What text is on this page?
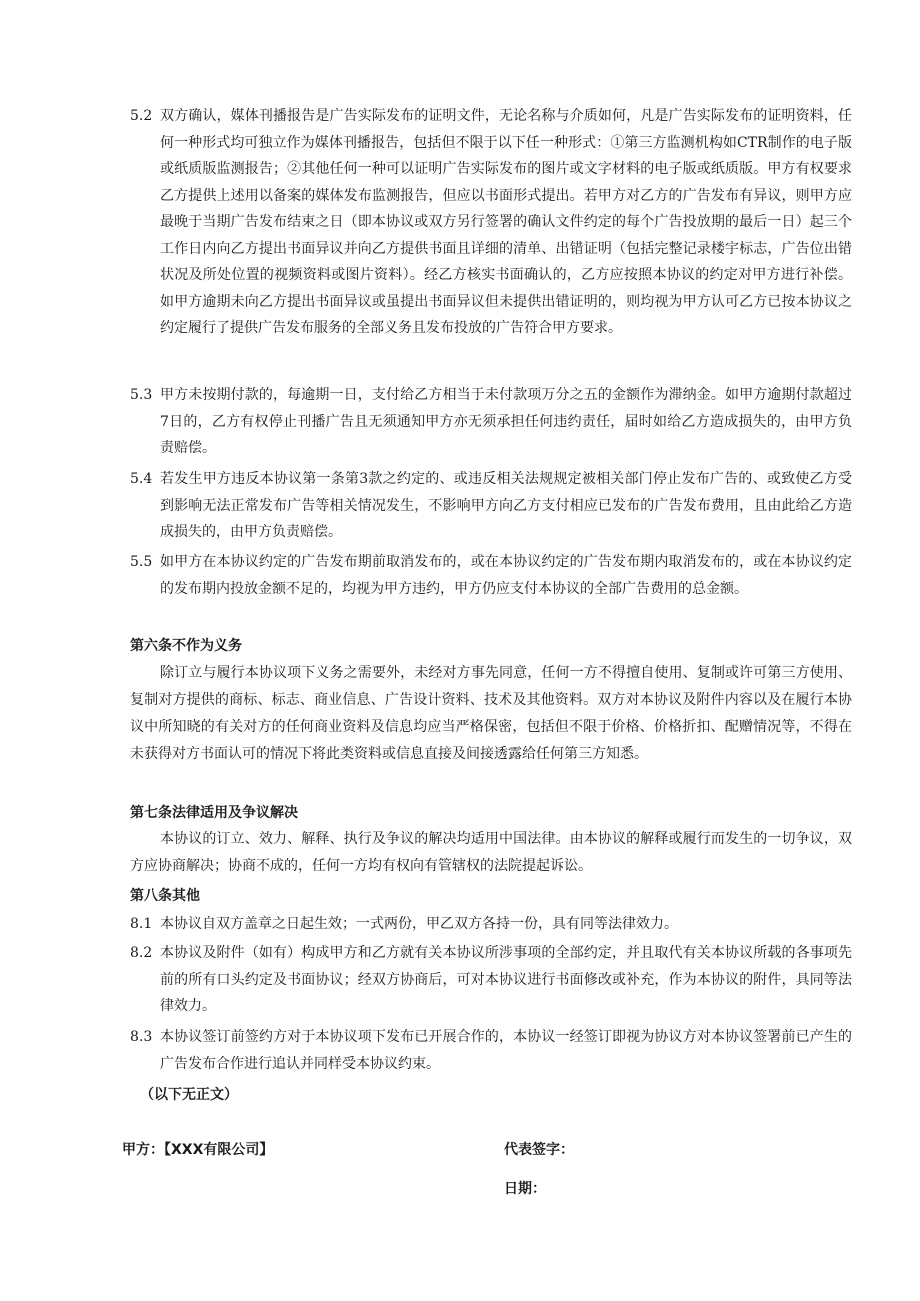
5.2 双方确认，媒体刊播报告是广告实际发布的证明文件，无论名称与介质如何，凡是广告实际发布的证明资料，任何一种形式均可独立作为媒体刊播报告，包括但不限于以下任一种形式：①第三方监测机构如CTR制作的电子版或纸质版监测报告；②其他任何一种可以证明广告实际发布的图片或文字材料的电子版或纸质版。甲方有权要求乙方提供上述用以备案的媒体发布监测报告，但应以书面形式提出。若甲方对乙方的广告发布有异议，则甲方应最晚于当期广告发布结束之日（即本协议或双方另行签署的确认文件约定的每个广告投放期的最后一日）起三个工作日内向乙方提出书面异议并向乙方提供书面且详细的清单、出错证明（包括完整记录楼宇标志，广告位出错状况及所处位置的视频资料或图片资料）。经乙方核实书面确认的，乙方应按照本协议的约定对甲方进行补偿。如甲方逾期未向乙方提出书面异议或虽提出书面异议但未提供出错证明的，则均视为甲方认可乙方已按本协议之约定履行了提供广告发布服务的全部义务且发布投放的广告符合甲方要求。
5.3 甲方未按期付款的，每逾期一日，支付给乙方相当于未付款项万分之五的金额作为滞纳金。如甲方逾期付款超过7日的，乙方有权停止刊播广告且无须通知甲方亦无须承担任何违约责任，届时如给乙方造成损失的，由甲方负责赔偿。
5.4 若发生甲方违反本协议第一条第3款之约定的、或违反相关法规规定被相关部门停止发布广告的、或致使乙方受到影响无法正常发布广告等相关情况发生，不影响甲方向乙方支付相应已发布的广告发布费用，且由此给乙方造成损失的，由甲方负责赔偿。
5.5 如甲方在本协议约定的广告发布期前取消发布的，或在本协议约定的广告发布期内取消发布的，或在本协议约定的发布期内投放金额不足的，均视为甲方违约，甲方仍应支付本协议的全部广告费用的总金额。
第六条不作为义务
除订立与履行本协议项下义务之需要外，未经对方事先同意，任何一方不得擅自使用、复制或许可第三方使用、复制对方提供的商标、标志、商业信息、广告设计资料、技术及其他资料。双方对本协议及附件内容以及在履行本协议中所知晓的有关对方的任何商业资料及信息均应当严格保密，包括但不限于价格、价格折扣、配赠情况等，不得在未获得对方书面认可的情况下将此类资料或信息直接及间接透露给任何第三方知悉。
第七条法律适用及争议解决
本协议的订立、效力、解释、执行及争议的解决均适用中国法律。由本协议的解释或履行而发生的一切争议，双方应协商解决；协商不成的，任何一方均有权向有管辖权的法院提起诉讼。
第八条其他
8.1 本协议自双方盖章之日起生效；一式两份，甲乙双方各持一份，具有同等法律效力。
8.2 本协议及附件（如有）构成甲方和乙方就有关本协议所涉事项的全部约定，并且取代有关本协议所载的各事项先前的所有口头约定及书面协议；经双方协商后，可对本协议进行书面修改或补充，作为本协议的附件，具同等法律效力。
8.3 本协议签订前签约方对于本协议项下发布已开展合作的，本协议一经签订即视为协议方对本协议签署前已产生的广告发布合作进行追认并同样受本协议约束。
（以下无正文）
甲方：【XXX有限公司】	代表签字：
日期：
